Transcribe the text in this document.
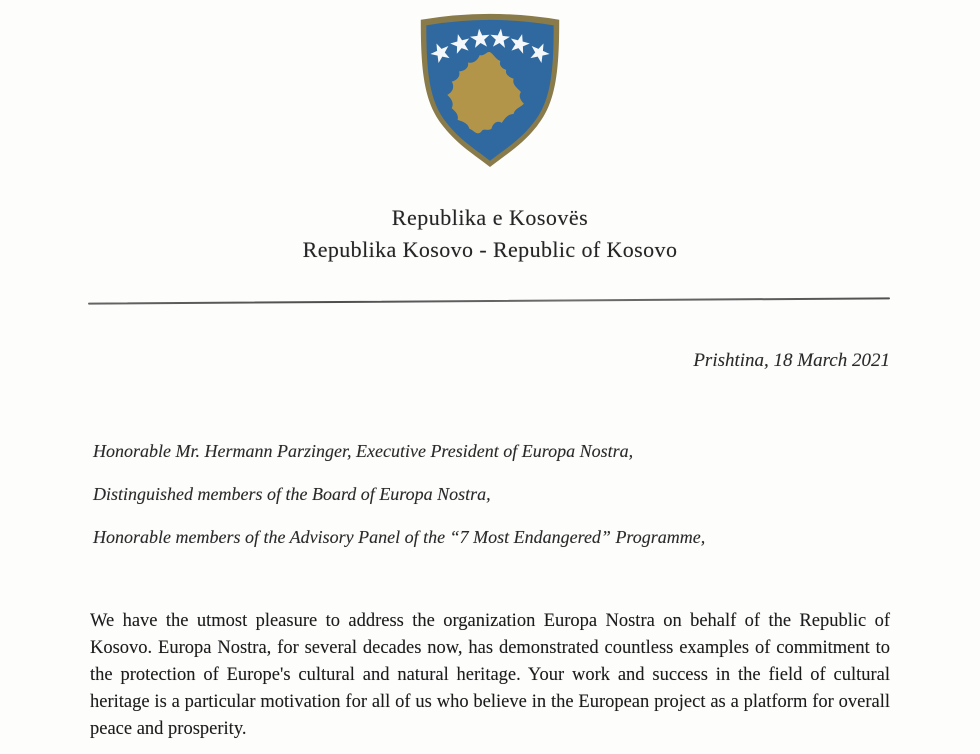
Republika e Kosovës
Republika Kosovo - Republic of Kosovo
Prishtina, 18 March 2021

Honorable Mr. Hermann Parzinger, Executive President of Europa Nostra,

Distinguished members of the Board of Europa Nostra,

Honorable members of the Advisory Panel of the “7 Most Endangered” Programme,

We have the utmost pleasure to address the organization Europa Nostra on behalf of the Republic of Kosovo. Europa Nostra, for several decades now, has demonstrated countless examples of commitment to the protection of Europe's cultural and natural heritage. Your work and success in the field of cultural heritage is a particular motivation for all of us who believe in the European project as a platform for overall peace and prosperity.
